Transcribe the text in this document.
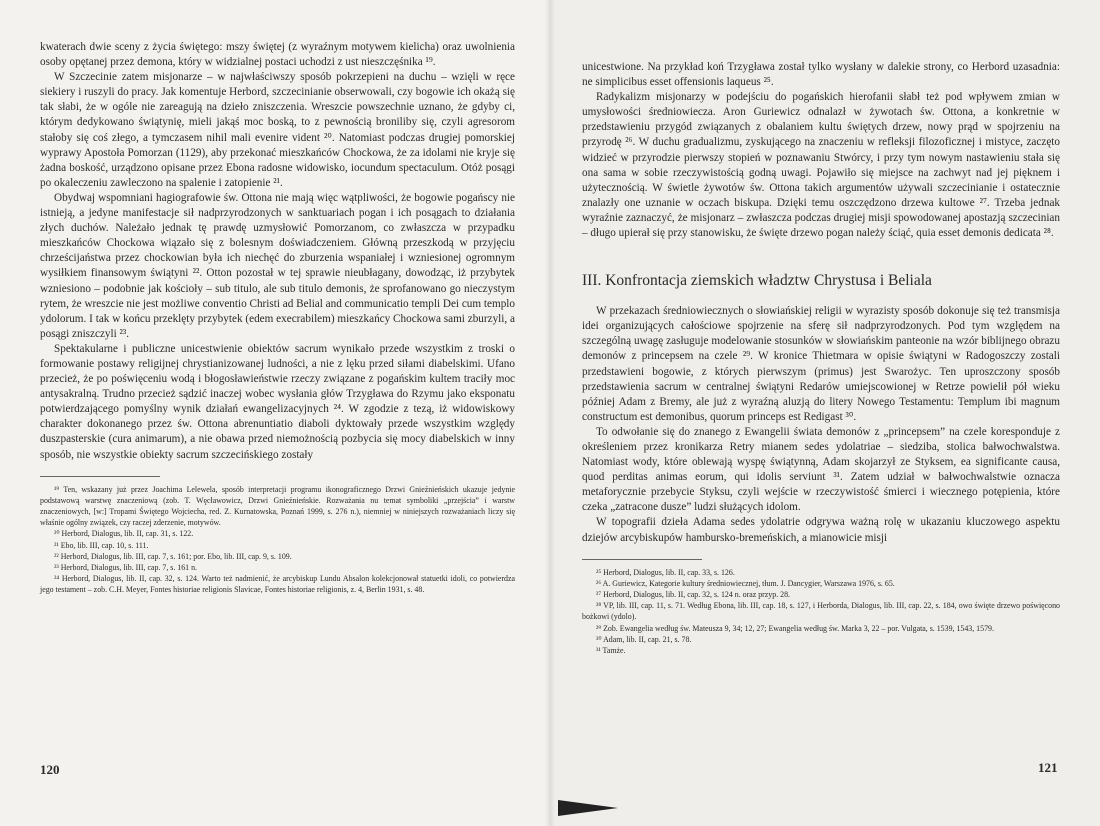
kwaterach dwie sceny z życia świętego: mszy świętej (z wyraźnym motywem kielicha) oraz uwolnienia osoby opętanej przez demona, który w widzialnej postaci uchodzi z ust nieszczęśnika ¹⁹.

W Szczecinie zatem misjonarze – w najwłaściwszy sposób pokrzepieni na duchu – wzięli w ręce siekiery i ruszyli do pracy. Jak komentuje Herbord, szczecinianie obserwowali, czy bogowie ich okażą się tak słabi, że w ogóle nie zareagują na dzieło zniszczenia. Wreszcie powszechnie uznano, że gdyby ci, którym dedykowano świątynię, mieli jakąś moc boską, to z pewnością broniliby się, czyli agresorom stałoby się coś złego, a tymczasem nihil mali evenire vident ²⁰. Natomiast podczas drugiej pomorskiej wyprawy Apostoła Pomorzan (1129), aby przekonać mieszkańców Chockowa, że za idolami nie kryje się żadna boskość, urządzono opisane przez Ebona radosne widowisko, iocundum spectaculum. Otóż posągi po okaleczeniu zawleczono na spalenie i zatopienie ²¹.

Obydwaj wspomniani hagiografowie św. Ottona nie mają więc wątpliwości, że bogowie pogańscy nie istnieją, a jedyne manifestacje sił nadprzyrodzonych w sanktuariach pogan i ich posągach to działania złych duchów. Należało jednak tę prawdę uzmysłowić Pomorzanom, co zwłaszcza w przypadku mieszkańców Chockowa wiązało się z bolesnym doświadczeniem. Główną przeszkodą w przyjęciu chrześcijaństwa przez chockowian była ich niechęć do zburzenia wspaniałej i wzniesionej ogromnym wysiłkiem finansowym świątyni ²². Otton pozostał w tej sprawie nieubłagany, dowodząc, iż przybytek wzniesiono – podobnie jak kościoły – sub titulo, ale sub titulo demonis, że sprofanowano go nieczystym rytem, że wreszcie nie jest możliwe conventio Christi ad Belial and communicatio templi Dei cum templo ydolorum. I tak w końcu przeklęty przybytek (edem execrabilem) mieszkańcy Chockowa sami zburzyli, a posągi zniszczyli ²³.

Spektakularne i publiczne unicestwienie obiektów sacrum wynikało przede wszystkim z troski o formowanie postawy religijnej chrystianizowanej ludności, a nie z lęku przed siłami diabelskimi. Ufano przecież, że po poświęceniu wodą i błogosławieństwie rzeczy związane z pogańskim kultem traciły moc antysakralną. Trudno przecież sądzić inaczej wobec wysłania głów Trzygława do Rzymu jako eksponatu potwierdzającego pomyślny wynik działań ewangelizacyjnych ²⁴. W zgodzie z tezą, iż widowiskowy charakter dokonanego przez św. Ottona abrenuntiatio diaboli dyktowały przede wszystkim względy duszpasterskie (cura animarum), a nie obawa przed niemożnością pozbycia się mocy diabelskich w inny sposób, nie wszystkie obiekty sacrum szczecińskiego zostały

¹⁹ Ten, wskazany już przez Joachima Lelewela, sposób interpretacji programu ikonograficznego Drzwi Gnieźnieńskich ukazuje jedynie podstawową warstwę znaczeniową (zob. T. Węcławowicz, Drzwi Gnieźnieńskie. Rozważania nu temat symboliki „przejścia” i warstw znaczeniowych, [w:] Tropami Świętego Wojciecha, red. Z. Kurnatowska, Poznań 1999, s. 276 n.), niemniej w niniejszych rozważaniach liczy się właśnie ogólny związek, czy raczej zderzenie, motywów.

²⁰ Herbord, Dialogus, lib. II, cap. 31, s. 122.

²¹ Ebo, lib. III, cap. 10, s. 111.

²² Herbord, Dialogus, lib. III, cap. 7, s. 161; por. Ebo, lib. III, cap. 9, s. 109.

²³ Herbord, Dialogus, lib. III, cap. 7, s. 161 n.

²⁴ Herbord, Dialogus, lib. II, cap. 32, s. 124. Warto też nadmienić, że arcybiskup Lundu Absalon kolekcjonował statuetki idoli, co potwierdza jego testament – zob. C.H. Meyer, Fontes historiae religionis Slavicae, Fontes historiae religionis, z. 4, Berlin 1931, s. 48.

120

unicestwione. Na przykład koń Trzygława został tylko wysłany w dalekie strony, co Herbord uzasadnia: ne simplicibus esset offensionis laqueus ²⁵.

Radykalizm misjonarzy w podejściu do pogańskich hierofanii słabł też pod wpływem zmian w umysłowości średniowiecza. Aron Guriewicz odnalazł w żywotach św. Ottona, a konkretnie w przedstawieniu przygód związanych z obalaniem kultu świętych drzew, nowy prąd w spojrzeniu na przyrodę ²⁶. W duchu gradualizmu, zyskującego na znaczeniu w refleksji filozoficznej i mistyce, zaczęto widzieć w przyrodzie pierwszy stopień w poznawaniu Stwórcy, i przy tym nowym nastawieniu stała się ona sama w sobie rzeczywistością godną uwagi. Pojawiło się miejsce na zachwyt nad jej pięknem i użytecznością. W świetle żywotów św. Ottona takich argumentów używali szczecinianie i ostatecznie znalazły one uznanie w oczach biskupa. Dzięki temu oszczędzono drzewa kultowe ²⁷. Trzeba jednak wyraźnie zaznaczyć, że misjonarz – zwłaszcza podczas drugiej misji spowodowanej apostazją szczecinian – długo upierał się przy stanowisku, że święte drzewo pogan należy ściąć, quia esset demonis dedicata ²⁸.

III. Konfrontacja ziemskich władztw Chrystusa i Beliala

W przekazach średniowiecznych o słowiańskiej religii w wyrazisty sposób dokonuje się też transmisja idei organizujących całościowe spojrzenie na sferę sił nadprzyrodzonych. Pod tym względem na szczególną uwagę zasługuje modelowanie stosunków w słowiańskim panteonie na wzór biblijnego obrazu demonów z princepsem na czele ²⁹. W kronice Thietmara w opisie świątyni w Radogoszczy zostali przedstawieni bogowie, z których pierwszym (primus) jest Swarożyc. Ten uproszczony sposób przedstawienia sacrum w centralnej świątyni Redarów umiejscowionej w Retrze powielił pół wieku później Adam z Bremy, ale już z wyraźną aluzją do litery Nowego Testamentu: Templum ibi magnum constructum est demonibus, quorum princeps est Redigast ³⁰.

To odwołanie się do znanego z Ewangelii świata demonów z „princepsem” na czele koresponduje z określeniem przez kronikarza Retry mianem sedes ydolatriae – siedziba, stolica bałwochwalstwa. Natomiast wody, które oblewają wyspę świątynną, Adam skojarzył ze Styksem, ea significante causa, quod perditas animas eorum, qui idolis serviunt ³¹. Zatem udział w bałwochwalstwie oznacza metaforycznie przebycie Styksu, czyli wejście w rzeczywistość śmierci i wiecznego potępienia, które czeka „zatracone dusze” ludzi służących idolom.

W topografii dzieła Adama sedes ydolatrie odgrywa ważną rolę w ukazaniu kluczowego aspektu dziejów arcybiskupów hambursko-bremeńskich, a mianowicie misji

²⁵ Herbord, Dialogus, lib. II, cap. 33, s. 126.

²⁶ A. Guriewicz, Kategorie kultury średniowiecznej, tłum. J. Dancygier, Warszawa 1976, s. 65.

²⁷ Herbord, Dialogus, lib. II, cap. 32, s. 124 n. oraz przyp. 28.

²⁸ VP, lib. III, cap. 11, s. 71. Według Ebona, lib. III, cap. 18, s. 127, i Herborda, Dialogus, lib. III, cap. 22, s. 184, owo święte drzewo poświęcono bożkowi (ydolo).

²⁹ Zob. Ewangelia według św. Mateusza 9, 34; 12, 27; Ewangelia według św. Marka 3, 22 – por. Vulgata, s. 1539, 1543, 1579.

³⁰ Adam, lib. II, cap. 21, s. 78.

³¹ Tamże.

121
